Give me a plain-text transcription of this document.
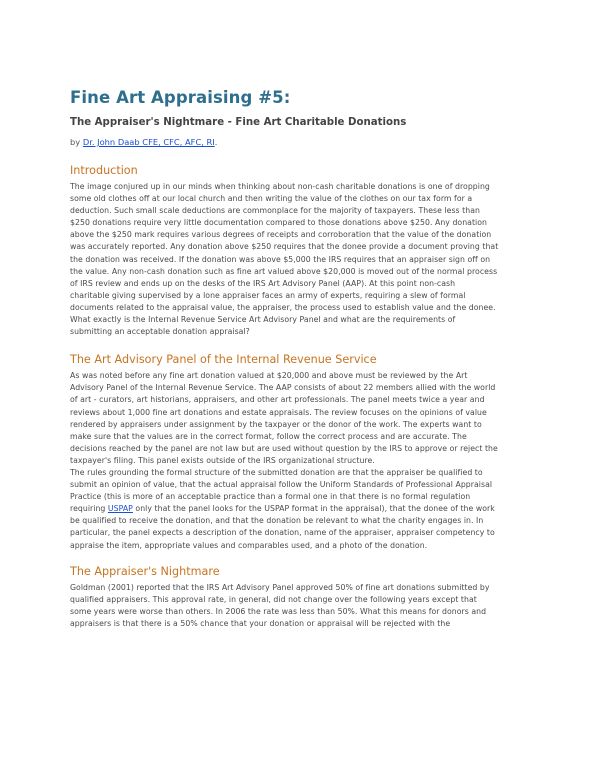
Fine Art Appraising #5:
The Appraiser's Nightmare - Fine Art Charitable Donations
by Dr. John Daab CFE, CFC, AFC, RI.
Introduction

The image conjured up in our minds when thinking about non-cash charitable donations is one of dropping
some old clothes off at our local church and then writing the value of the clothes on our tax form for a
deduction. Such small scale deductions are commonplace for the majority of taxpayers. These less than
$250 donations require very little documentation compared to those donations above $250. Any donation
above the $250 mark requires various degrees of receipts and corroboration that the value of the donation
was accurately reported. Any donation above $250 requires that the donee provide a document proving that
the donation was received. If the donation was above $5,000 the IRS requires that an appraiser sign off on
the value. Any non-cash donation such as fine art valued above $20,000 is moved out of the normal process
of IRS review and ends up on the desks of the IRS Art Advisory Panel (AAP). At this point non-cash
charitable giving supervised by a lone appraiser faces an army of experts, requiring a slew of formal
documents related to the appraisal value, the appraiser, the process used to establish value and the donee.
What exactly is the Internal Revenue Service Art Advisory Panel and what are the requirements of
submitting an acceptable donation appraisal?

The Art Advisory Panel of the Internal Revenue Service

As was noted before any fine art donation valued at $20,000 and above must be reviewed by the Art
Advisory Panel of the Internal Revenue Service. The AAP consists of about 22 members allied with the world
of art - curators, art historians, appraisers, and other art professionals. The panel meets twice a year and
reviews about 1,000 fine art donations and estate appraisals. The review focuses on the opinions of value
rendered by appraisers under assignment by the taxpayer or the donor of the work. The experts want to
make sure that the values are in the correct format, follow the correct process and are accurate. The
decisions reached by the panel are not law but are used without question by the IRS to approve or reject the
taxpayer's filing. This panel exists outside of the IRS organizational structure.

The rules grounding the formal structure of the submitted donation are that the appraiser be qualified to
submit an opinion of value, that the actual appraisal follow the Uniform Standards of Professional Appraisal
Practice (this is more of an acceptable practice than a formal one in that there is no formal regulation
requiring USPAP only that the panel looks for the USPAP format in the appraisal), that the donee of the work
be qualified to receive the donation, and that the donation be relevant to what the charity engages in. In
particular, the panel expects a description of the donation, name of the appraiser, appraiser competency to
appraise the item, appropriate values and comparables used, and a photo of the donation.

The Appraiser's Nightmare

Goldman (2001) reported that the IRS Art Advisory Panel approved 50% of fine art donations submitted by
qualified appraisers. This approval rate, in general, did not change over the following years except that
some years were worse than others. In 2006 the rate was less than 50%. What this means for donors and
appraisers is that there is a 50% chance that your donation or appraisal will be rejected with the
